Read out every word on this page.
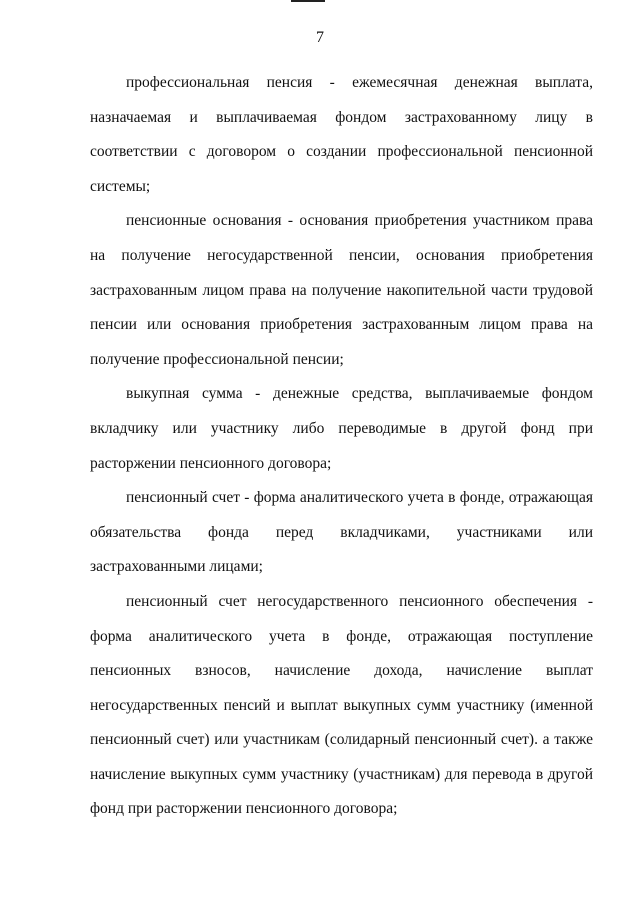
7

профессиональная пенсия - ежемесячная денежная выплата, назначаемая и выплачиваемая фондом застрахованному лицу в соответствии с договором о создании профессиональной пенсионной системы;

пенсионные основания - основания приобретения участником права на получение негосударственной пенсии, основания приобретения застрахованным лицом права на получение накопительной части трудовой пенсии или основания приобретения застрахованным лицом права на получение профессиональной пенсии;

выкупная сумма - денежные средства, выплачиваемые фондом вкладчику или участнику либо переводимые в другой фонд при расторжении пенсионного договора;

пенсионный счет - форма аналитического учета в фонде, отражающая обязательства фонда перед вкладчиками, участниками или застрахованными лицами;

пенсионный счет негосударственного пенсионного обеспечения - форма аналитического учета в фонде, отражающая поступление пенсионных взносов, начисление дохода, начисление выплат негосударственных пенсий и выплат выкупных сумм участнику (именной пенсионный счет) или участникам (солидарный пенсионный счет). а также начисление выкупных сумм участнику (участникам) для перевода в другой фонд при расторжении пенсионного договора;
